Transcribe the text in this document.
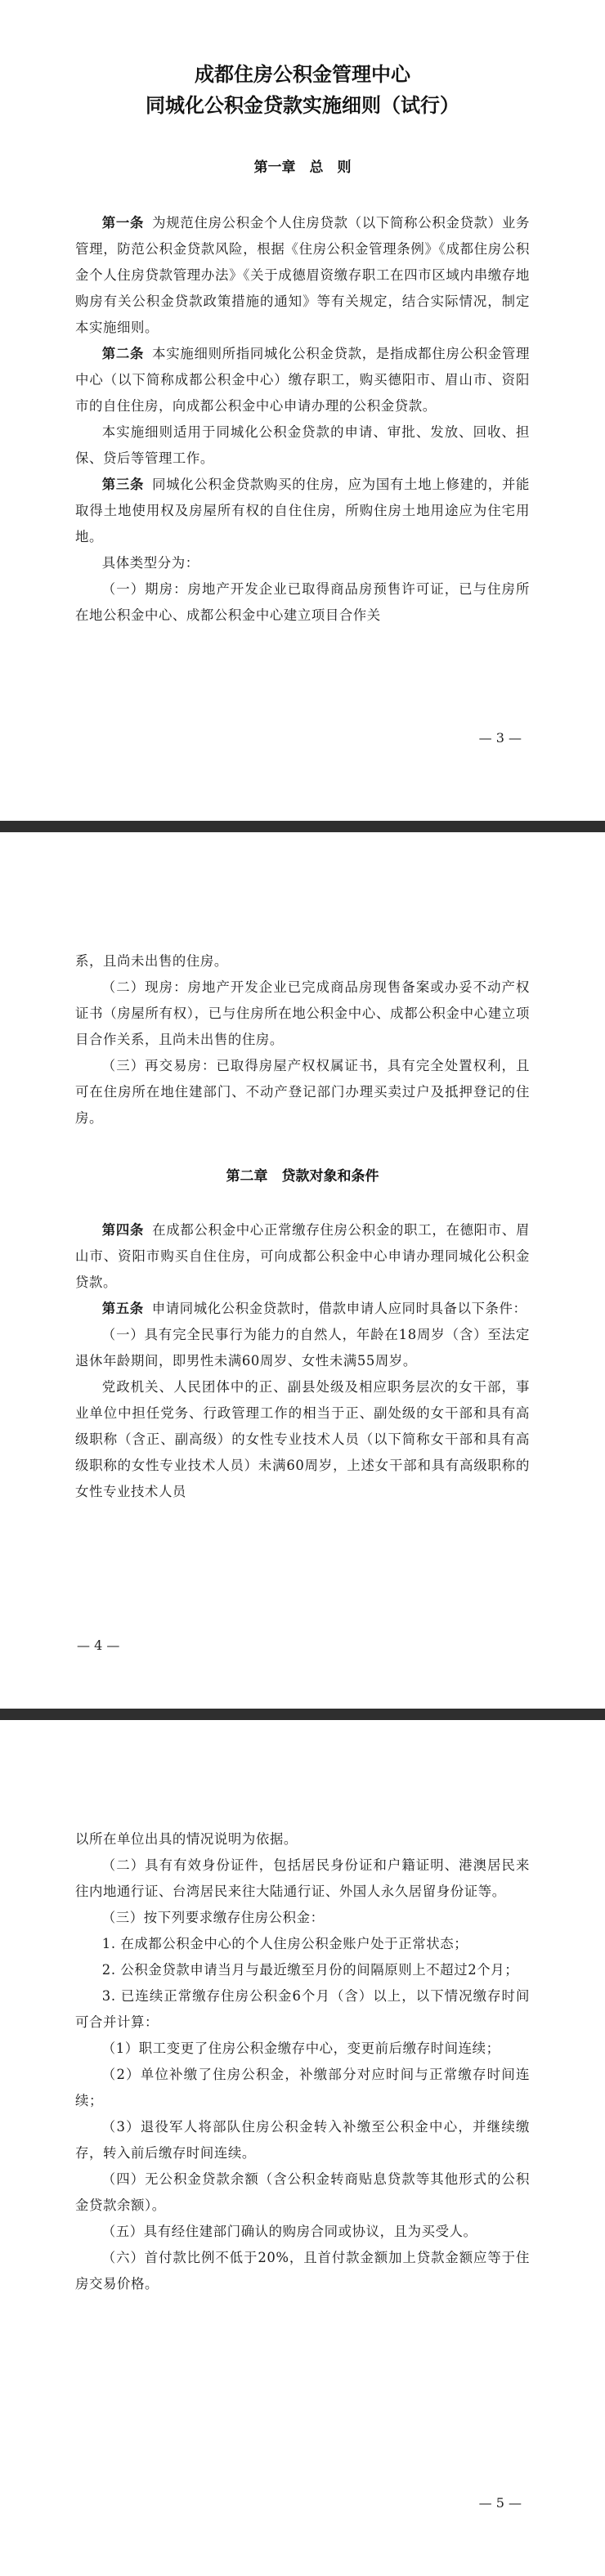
成都住房公积金管理中心

同城化公积金贷款实施细则（试行）

第一章　总　则

第一条 为规范住房公积金个人住房贷款（以下简称公积金贷款）业务管理，防范公积金贷款风险，根据《住房公积金管理条例》《成都住房公积金个人住房贷款管理办法》《关于成德眉资缴存职工在四市区域内串缴存地购房有关公积金贷款政策措施的通知》等有关规定，结合实际情况，制定本实施细则。

第二条 本实施细则所指同城化公积金贷款，是指成都住房公积金管理中心（以下简称成都公积金中心）缴存职工，购买德阳市、眉山市、资阳市的自住住房，向成都公积金中心申请办理的公积金贷款。

本实施细则适用于同城化公积金贷款的申请、审批、发放、回收、担保、贷后等管理工作。

第三条 同城化公积金贷款购买的住房，应为国有土地上修建的，并能取得土地使用权及房屋所有权的自住住房，所购住房土地用途应为住宅用地。

具体类型分为：

（一）期房：房地产开发企业已取得商品房预售许可证，已与住房所在地公积金中心、成都公积金中心建立项目合作关

— 3 —

系，且尚未出售的住房。

（二）现房：房地产开发企业已完成商品房现售备案或办妥不动产权证书（房屋所有权），已与住房所在地公积金中心、成都公积金中心建立项目合作关系，且尚未出售的住房。

（三）再交易房：已取得房屋产权权属证书，具有完全处置权利，且可在住房所在地住建部门、不动产登记部门办理买卖过户及抵押登记的住房。

第二章　贷款对象和条件

第四条 在成都公积金中心正常缴存住房公积金的职工，在德阳市、眉山市、资阳市购买自住住房，可向成都公积金中心申请办理同城化公积金贷款。

第五条 申请同城化公积金贷款时，借款申请人应同时具备以下条件：

（一）具有完全民事行为能力的自然人，年龄在18周岁（含）至法定退休年龄期间，即男性未满60周岁、女性未满55周岁。

党政机关、人民团体中的正、副县处级及相应职务层次的女干部，事业单位中担任党务、行政管理工作的相当于正、副处级的女干部和具有高级职称（含正、副高级）的女性专业技术人员（以下简称女干部和具有高级职称的女性专业技术人员）未满60周岁，上述女干部和具有高级职称的女性专业技术人员

— 4 —

以所在单位出具的情况说明为依据。

（二）具有有效身份证件，包括居民身份证和户籍证明、港澳居民来往内地通行证、台湾居民来往大陆通行证、外国人永久居留身份证等。

（三）按下列要求缴存住房公积金：

1. 在成都公积金中心的个人住房公积金账户处于正常状态；

2. 公积金贷款申请当月与最近缴至月份的间隔原则上不超过2个月；

3. 已连续正常缴存住房公积金6个月（含）以上，以下情况缴存时间可合并计算：

（1）职工变更了住房公积金缴存中心，变更前后缴存时间连续；

（2）单位补缴了住房公积金，补缴部分对应时间与正常缴存时间连续；

（3）退役军人将部队住房公积金转入补缴至公积金中心，并继续缴存，转入前后缴存时间连续。

（四）无公积金贷款余额（含公积金转商贴息贷款等其他形式的公积金贷款余额）。

（五）具有经住建部门确认的购房合同或协议，且为买受人。

（六）首付款比例不低于20%，且首付款金额加上贷款金额应等于住房交易价格。

— 5 —
